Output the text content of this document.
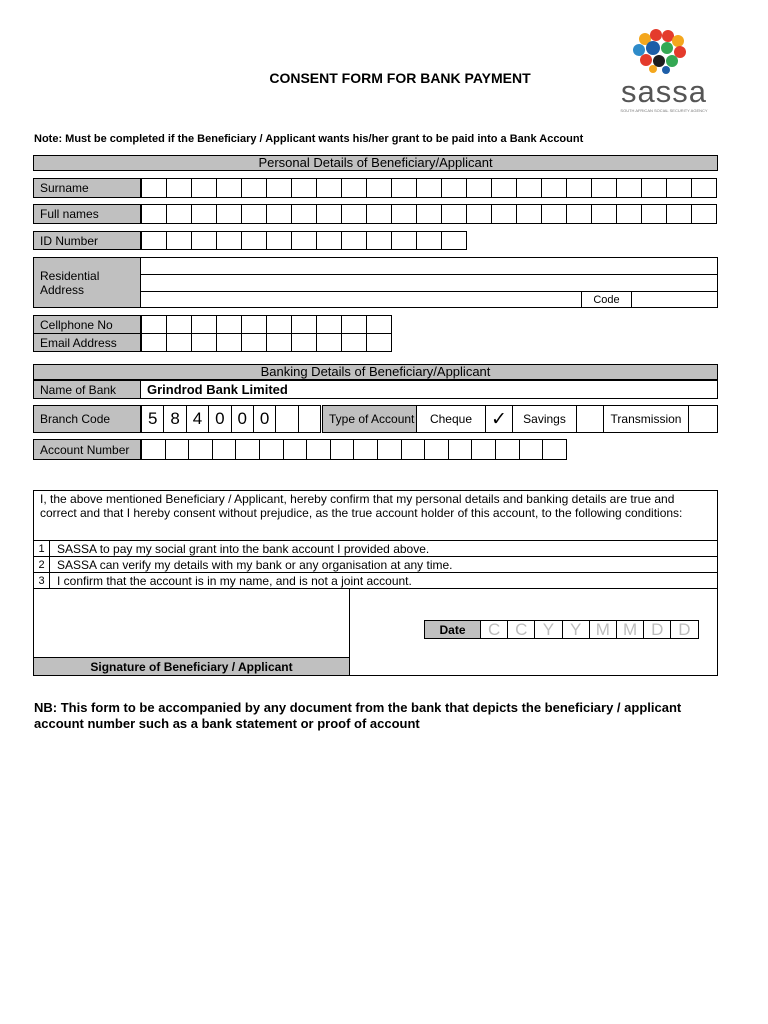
sassa
SOUTH AFRICAN SOCIAL SECURITY AGENCY
CONSENT FORM FOR BANK PAYMENT
Note: Must be completed if the Beneficiary / Applicant wants his/her grant to be paid into a Bank Account
Personal Details of Beneficiary/Applicant
Surname
Full names
ID Number
Residential Address
Code
Cellphone No
Email Address
Banking Details of Beneficiary/Applicant
Name of Bank	Grindrod Bank Limited
Branch Code	5 8 4 0 0 0	Type of Account	Cheque	✓	Savings	Transmission
Account Number
I, the above mentioned Beneficiary / Applicant, hereby confirm that my personal details and banking details are true and correct and that I hereby consent without prejudice, as the true account holder of this account, to the following conditions:
1	SASSA to pay my social grant into the bank account I provided above.
2	SASSA can verify my details with my bank or any organisation at any time.
3	I confirm that the account is in my name, and is not a joint account.
Signature of Beneficiary / Applicant
Date	C C Y Y M M D D
NB: This form to be accompanied by any document from the bank that depicts the beneficiary / applicant account number such as a bank statement or proof of account
